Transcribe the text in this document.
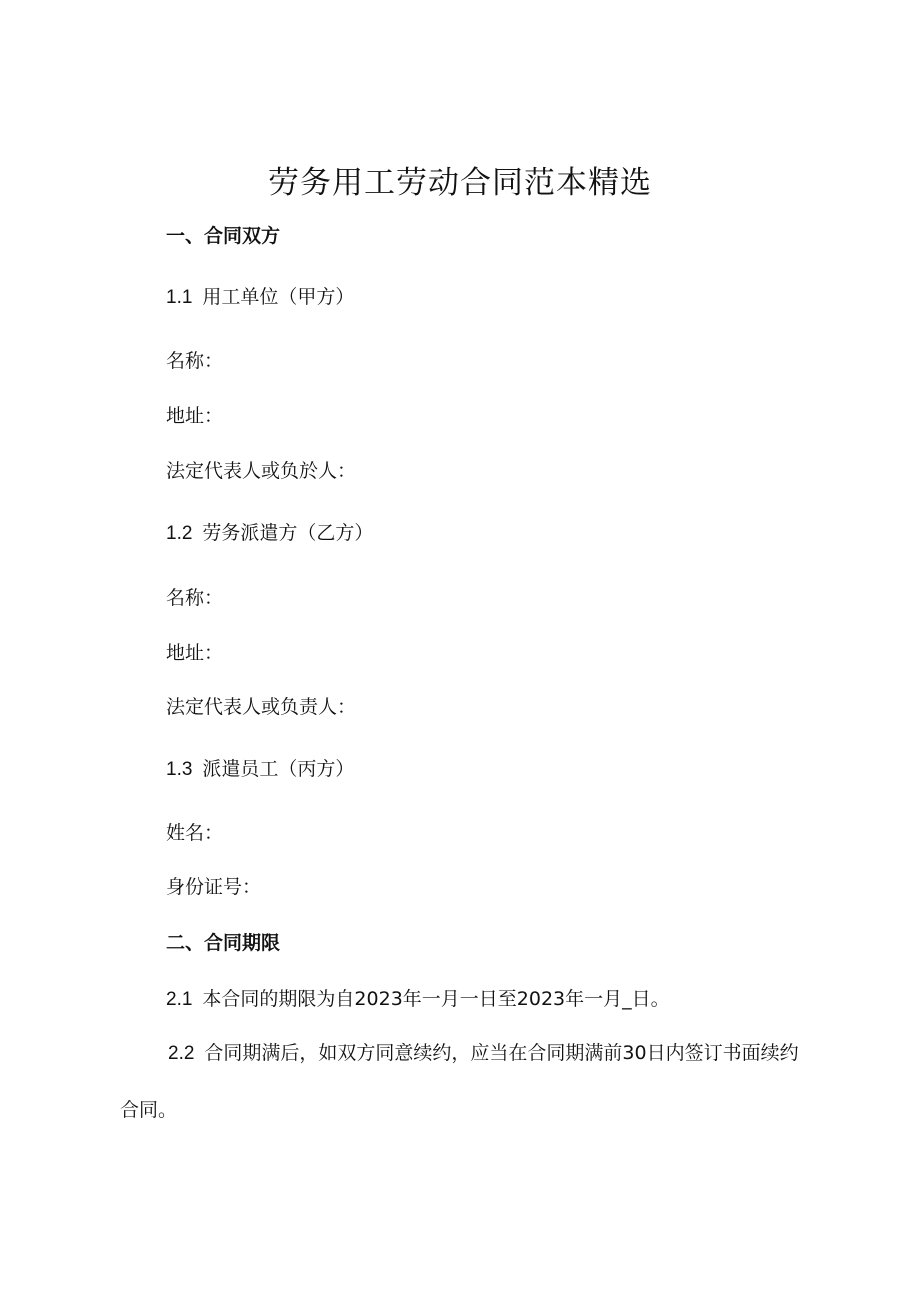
劳务用工劳动合同范本精选

一、合同双方

1.1 用工单位（甲方）

名称：

地址：

法定代表人或负於人：

1.2 劳务派遣方（乙方）

名称：

地址：

法定代表人或负责人：

1.3 派遣员工（丙方）

姓名：

身份证号：

二、合同期限

2.1 本合同的期限为自2023年一月一日至2023年一月_日。

2.2 合同期满后，如双方同意续约，应当在合同期满前30日内签订书面续约合同。
